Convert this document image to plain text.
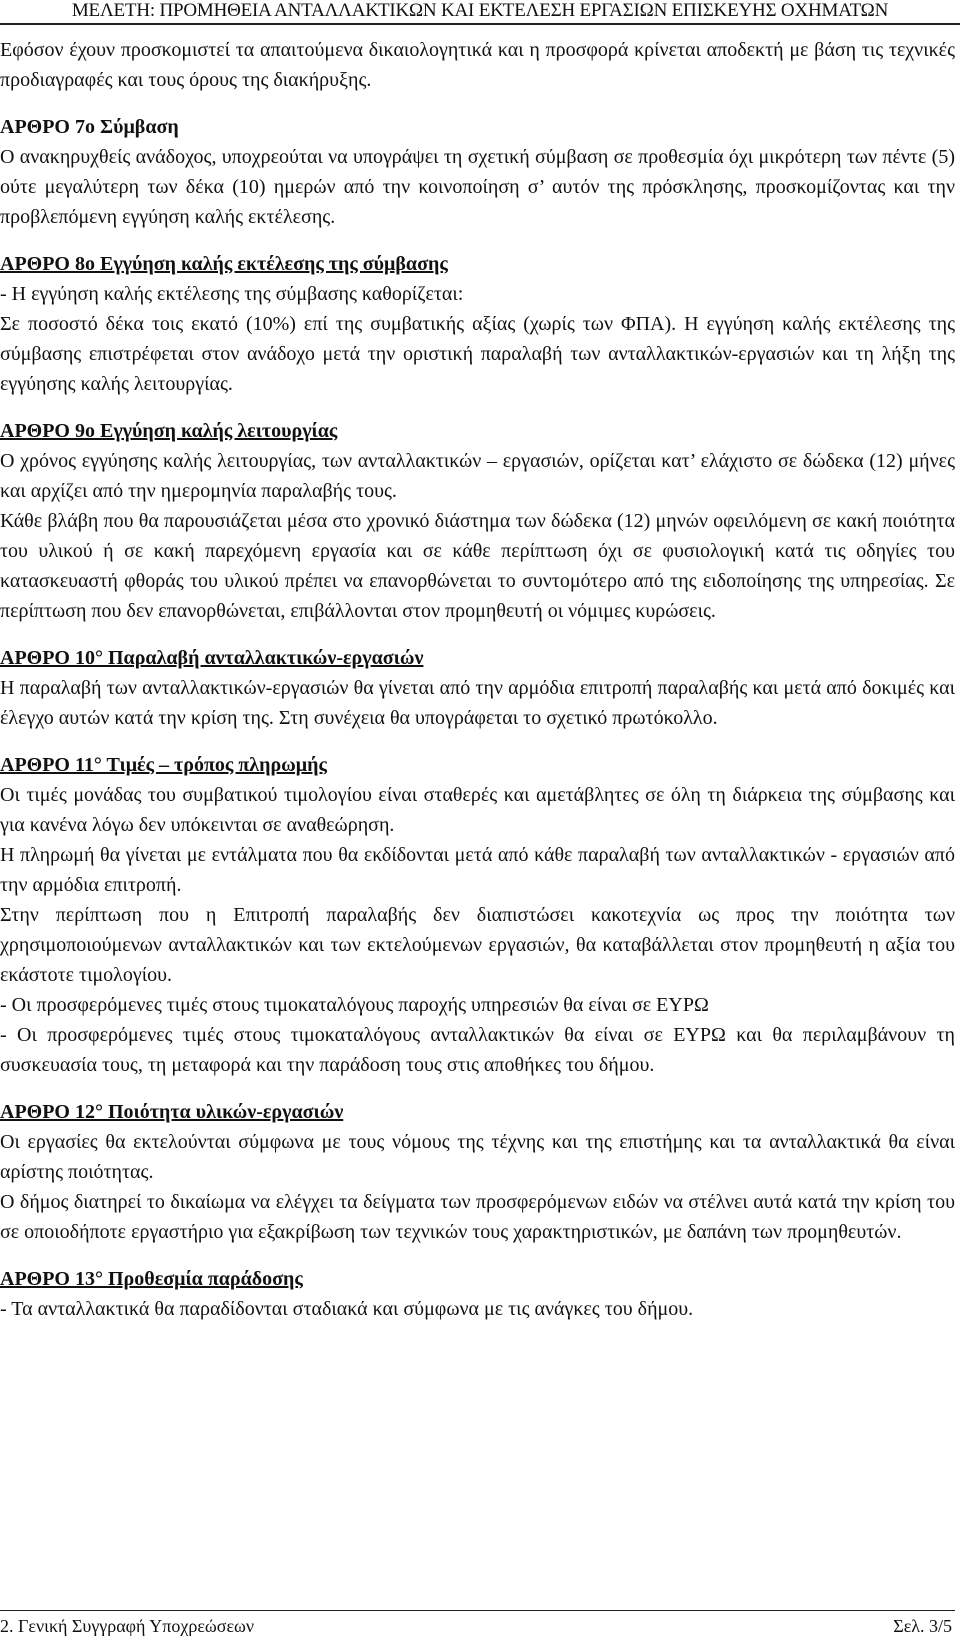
ΜΕΛΕΤΗ: ΠΡΟΜΗΘΕΙΑ ΑΝΤΑΛΛΑΚΤΙΚΩΝ ΚΑΙ ΕΚΤΕΛΕΣΗ ΕΡΓΑΣΙΩΝ ΕΠΙΣΚΕΥΗΣ ΟΧΗΜΑΤΩΝ

Εφόσον έχουν προσκομιστεί τα απαιτούμενα δικαιολογητικά και η προσφορά κρίνεται αποδεκτή με βάση τις τεχνικές προδιαγραφές και τους όρους της διακήρυξης.

ΑΡΘΡΟ 7ο Σύμβαση

Ο ανακηρυχθείς ανάδοχος, υποχρεούται να υπογράψει τη σχετική σύμβαση σε προθεσμία όχι μικρότερη των πέντε (5) ούτε μεγαλύτερη των δέκα (10) ημερών από την κοινοποίηση σ’ αυτόν της πρόσκλησης, προσκομίζοντας και την προβλεπόμενη εγγύηση καλής εκτέλεσης.

ΑΡΘΡΟ 8ο Εγγύηση καλής εκτέλεσης της σύμβασης

- Η εγγύηση καλής εκτέλεσης της σύμβασης καθορίζεται:

Σε ποσοστό δέκα τοις εκατό (10%) επί της συμβατικής αξίας (χωρίς των ΦΠΑ). Η εγγύηση καλής εκτέλεσης της σύμβασης επιστρέφεται στον ανάδοχο μετά την οριστική παραλαβή των ανταλλακτικών-εργασιών και τη λήξη της εγγύησης καλής λειτουργίας.

ΑΡΘΡΟ 9ο Εγγύηση καλής λειτουργίας

Ο χρόνος εγγύησης καλής λειτουργίας, των ανταλλακτικών – εργασιών, ορίζεται κατ’ ελάχιστο σε δώδεκα (12) μήνες και αρχίζει από την ημερομηνία παραλαβής τους.

Κάθε βλάβη που θα παρουσιάζεται μέσα στο χρονικό διάστημα των δώδεκα (12) μηνών οφειλόμενη σε κακή ποιότητα του υλικού ή σε κακή παρεχόμενη εργασία και σε κάθε περίπτωση όχι σε φυσιολογική κατά τις οδηγίες του κατασκευαστή φθοράς του υλικού πρέπει να επανορθώνεται το συντομότερο από της ειδοποίησης της υπηρεσίας. Σε περίπτωση που δεν επανορθώνεται, επιβάλλονται στον προμηθευτή οι νόμιμες κυρώσεις.

ΑΡΘΡΟ 10° Παραλαβή ανταλλακτικών-εργασιών

Η παραλαβή των ανταλλακτικών-εργασιών θα γίνεται από την αρμόδια επιτροπή παραλαβής και μετά από δοκιμές και έλεγχο αυτών κατά την κρίση της. Στη συνέχεια θα υπογράφεται το σχετικό πρωτόκολλο.

ΑΡΘΡΟ 11° Τιμές – τρόπος πληρωμής

Οι τιμές μονάδας του συμβατικού τιμολογίου είναι σταθερές και αμετάβλητες σε όλη τη διάρκεια της σύμβασης και για κανένα λόγω δεν υπόκεινται σε αναθεώρηση.

Η πληρωμή θα γίνεται με εντάλματα που θα εκδίδονται μετά από κάθε παραλαβή των ανταλλακτικών - εργασιών από την αρμόδια επιτροπή.

Στην περίπτωση που η Επιτροπή παραλαβής δεν διαπιστώσει κακοτεχνία ως προς την ποιότητα των χρησιμοποιούμενων ανταλλακτικών και των εκτελούμενων εργασιών, θα καταβάλλεται στον προμηθευτή η αξία του εκάστοτε τιμολογίου.

- Οι προσφερόμενες τιμές στους τιμοκαταλόγους παροχής υπηρεσιών θα είναι σε ΕΥΡΩ

- Οι προσφερόμενες τιμές στους τιμοκαταλόγους ανταλλακτικών θα είναι σε ΕΥΡΩ και θα περιλαμβάνουν τη συσκευασία τους, τη μεταφορά και την παράδοση τους στις αποθήκες του δήμου.

ΑΡΘΡΟ 12° Ποιότητα υλικών-εργασιών

Οι εργασίες θα εκτελούνται σύμφωνα με τους νόμους της τέχνης και της επιστήμης και τα ανταλλακτικά θα είναι αρίστης ποιότητας.

Ο δήμος διατηρεί το δικαίωμα να ελέγχει τα δείγματα των προσφερόμενων ειδών να στέλνει αυτά κατά την κρίση του σε οποιοδήποτε εργαστήριο για εξακρίβωση των τεχνικών τους χαρακτηριστικών, με δαπάνη των προμηθευτών.

ΑΡΘΡΟ 13° Προθεσμία παράδοσης

- Τα ανταλλακτικά θα παραδίδονται σταδιακά και σύμφωνα με τις ανάγκες του δήμου.

2. Γενική Συγγραφή Υποχρεώσεων	Σελ. 3/5
